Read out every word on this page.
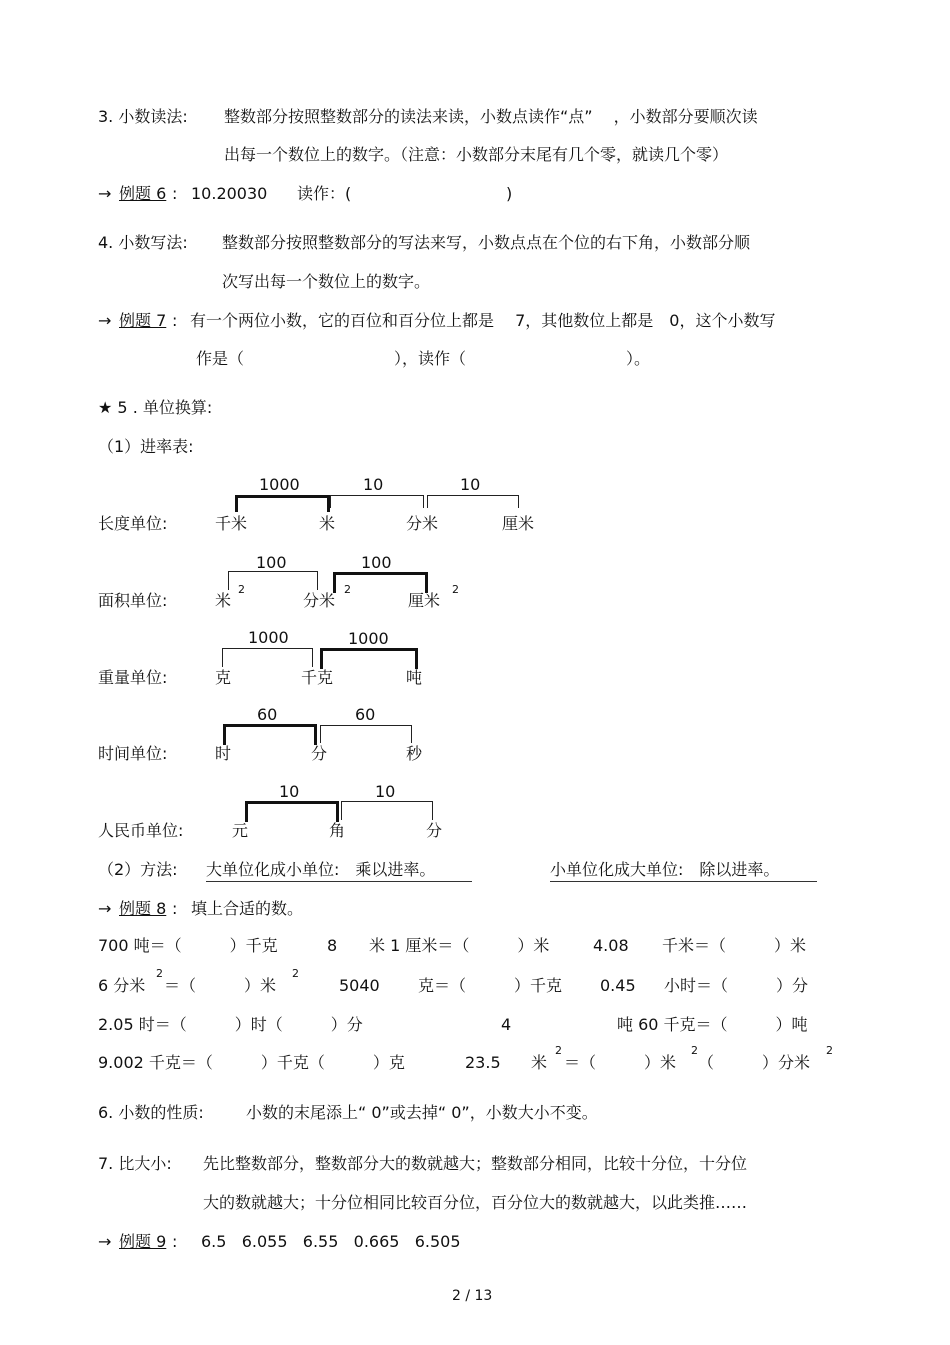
3. 小数读法: 整数部分按照整数部分的读法来读，小数点读作“点”　 ，小数部分要顺次读
出每一个数位上的数字。（注意：小数部分末尾有几个零，就读几个零）
→ 例题 6 : 10.20030 读作：(	)
4. 小数写法: 整数部分按照整数部分的写法来写，小数点点在个位的右下角，小数部分顺
次写出每一个数位上的数字。
→ 例题 7 : 有一个两位小数，它的百位和百分位上都是　 7，其他数位上都是　0，这个小数写
作是（	），读作（	）。
★ 5 . 单位换算:
（1）进率表:
长度单位:
1000	10	10
千米	米	分米	厘米
面积单位:
100	100
米
2
分米
2
厘米
2
重量单位:
1000	1000
克	千克	吨
时间单位:
60	60
时	分	秒
人民币单位:
10	10
元	角	分
（2）方法: 大单位化成小单位:　乘以进率。	小单位化成大单位:　除以进率。
→ 例题 8 : 填上合适的数。
700 吨＝（　　　）千克	8 米 1 厘米＝（　　　）米	4.08 千米＝（　　　）米
6 分米
2
＝（　　　）米
2
5040 克＝（　　　）千克 0.45 小时＝（　　　）分
2.05 时＝（　　　）时（　　　）分	4	吨 60 千克＝（　　　）吨
9.002 千克＝（　　　）千克（　　　）克	23.5 米
2
＝（　　　）米
2
（　　　）分米
2
6. 小数的性质:	小数的末尾添上“ 0”或去掉“ 0”，小数大小不变。
7. 比大小: 先比整数部分，整数部分大的数就越大；整数部分相同，比较十分位，十分位
大的数就越大；十分位相同比较百分位，百分位大的数就越大，以此类推……
→ 例题 9 : 6.5   6.055   6.55   0.665   6.505
2 / 13
